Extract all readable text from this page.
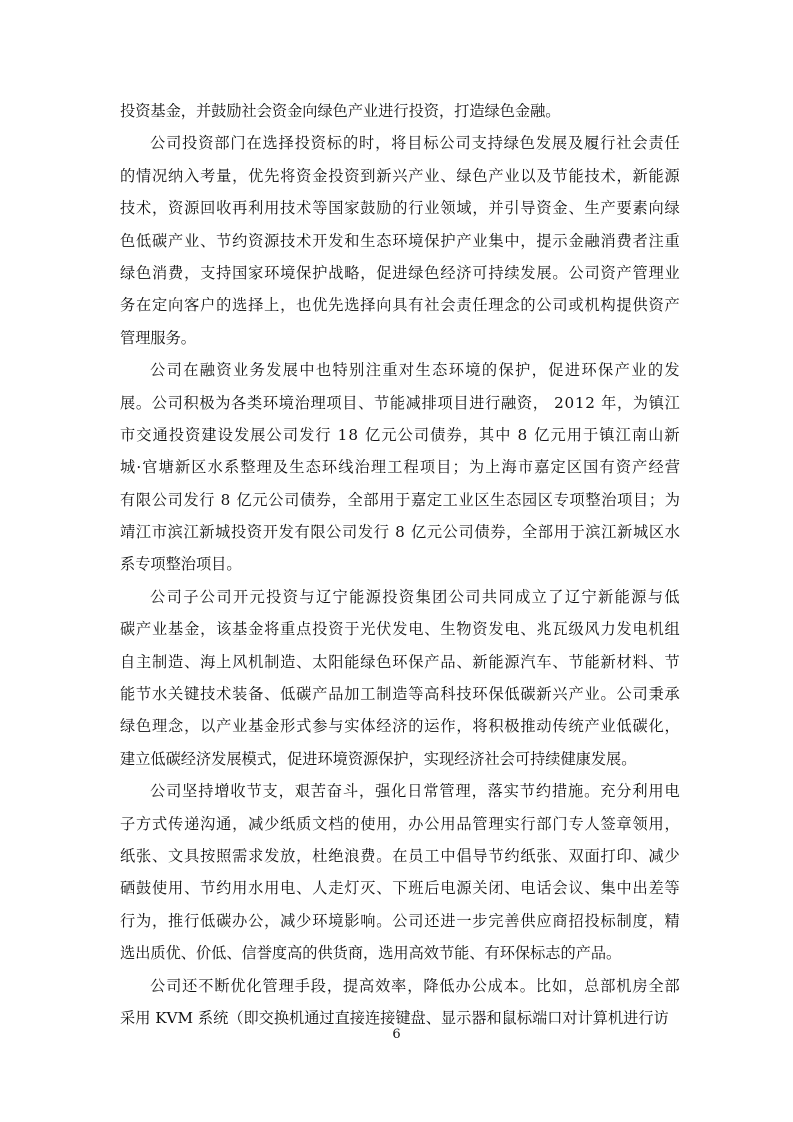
投资基金，并鼓励社会资金向绿色产业进行投资，打造绿色金融。
公 司 投 资 部 门 在 选 择 投 资 标 的 时 ， 将 目 标 公 司 支 持 绿 色 发 展 及 履 行 社 会 责 任
的 情 况 纳 入 考 量 ， 优 先 将 资 金 投 资 到 新 兴 产 业 、 绿 色 产 业 以 及 节 能 技 术 ， 新 能 源
技 术 ， 资 源 回 收 再 利 用 技 术 等 国 家 鼓 励 的 行 业 领 域 ， 并 引 导 资 金 、 生 产 要 素 向 绿
色 低 碳 产 业 、 节 约 资 源 技 术 开 发 和 生 态 环 境 保 护 产 业 集 中 ， 提 示 金 融 消 费 者 注 重
绿 色 消 费 ， 支 持 国 家 环 境 保 护 战 略 ， 促 进 绿 色 经 济 可 持 续 发 展 。 公 司 资 产 管 理 业
务 在 定 向 客 户 的 选 择 上 ， 也 优 先 选 择 向 具 有 社 会 责 任 理 念 的 公 司 或 机 构 提 供 资 产
管理服务。
公 司 在 融 资 业 务 发 展 中 也 特 别 注 重 对 生 态 环 境 的 保 护 ， 促 进 环 保 产 业 的 发
展 。 公 司 积 极 为 各 类 环 境 治 理 项 目 、 节 能 减 排 项 目 进 行 融 资 ，
2 0 1 2
年 ， 为 镇 江
市 交 通 投 资 建 设 发 展 公 司 发 行
1 8
亿 元 公 司 债 券 ， 其 中
8
亿 元 用 于 镇 江 南 山 新
城 · 官 塘 新 区 水 系 整 理 及 生 态 环 线 治 理 工 程 项 目 ； 为 上 海 市 嘉 定 区 国 有 资 产 经 营
有 限 公 司 发 行
8
亿 元 公 司 债 券 ， 全 部 用 于 嘉 定 工 业 区 生 态 园 区 专 项 整 治 项 目 ； 为
靖 江 市 滨 江 新 城 投 资 开 发 有 限 公 司 发 行
8
亿 元 公 司 债 券 ， 全 部 用 于 滨 江 新 城 区 水
系专项整治项目。
公 司 子 公 司 开 元 投 资 与 辽 宁 能 源 投 资 集 团 公 司 共 同 成 立 了 辽 宁 新 能 源 与 低
碳 产 业 基 金 ， 该 基 金 将 重 点 投 资 于 光 伏 发 电 、 生 物 资 发 电 、 兆 瓦 级 风 力 发 电 机 组
自 主 制 造 、 海 上 风 机 制 造 、 太 阳 能 绿 色 环 保 产 品 、 新 能 源 汽 车 、 节 能 新 材 料 、 节
能 节 水 关 键 技 术 装 备 、 低 碳 产 品 加 工 制 造 等 高 科 技 环 保 低 碳 新 兴 产 业 。 公 司 秉 承
绿 色 理 念 ， 以 产 业 基 金 形 式 参 与 实 体 经 济 的 运 作 ， 将 积 极 推 动 传 统 产 业 低 碳 化 ，
建立低碳经济发展模式，促进环境资源保护，实现经济社会可持续健康发展。
公 司 坚 持 增 收 节 支 ， 艰 苦 奋 斗 ， 强 化 日 常 管 理 ， 落 实 节 约 措 施 。 充 分 利 用 电
子 方 式 传 递 沟 通 ， 减 少 纸 质 文 档 的 使 用 ， 办 公 用 品 管 理 实 行 部 门 专 人 签 章 领 用 ，
纸 张 、 文 具 按 照 需 求 发 放 ， 杜 绝 浪 费 。 在 员 工 中 倡 导 节 约 纸 张 、 双 面 打 印 、 减 少
硒 鼓 使 用 、 节 约 用 水 用 电 、 人 走 灯 灭 、 下 班 后 电 源 关 闭 、 电 话 会 议 、 集 中 出 差 等
行 为 ， 推 行 低 碳 办 公 ， 减 少 环 境 影 响 。 公 司 还 进 一 步 完 善 供 应 商 招 投 标 制 度 ， 精
选出质优、价低、信誉度高的供货商，选用高效节能、有环保标志的产品。
公 司 还 不 断 优 化 管 理 手 段 ， 提 高 效 率 ， 降 低 办 公 成 本 。 比 如 ， 总 部 机 房 全 部
采用 KVM 系统（即交换机通过直接连接键盘、显示器和鼠标端口对计算机进行访
6
